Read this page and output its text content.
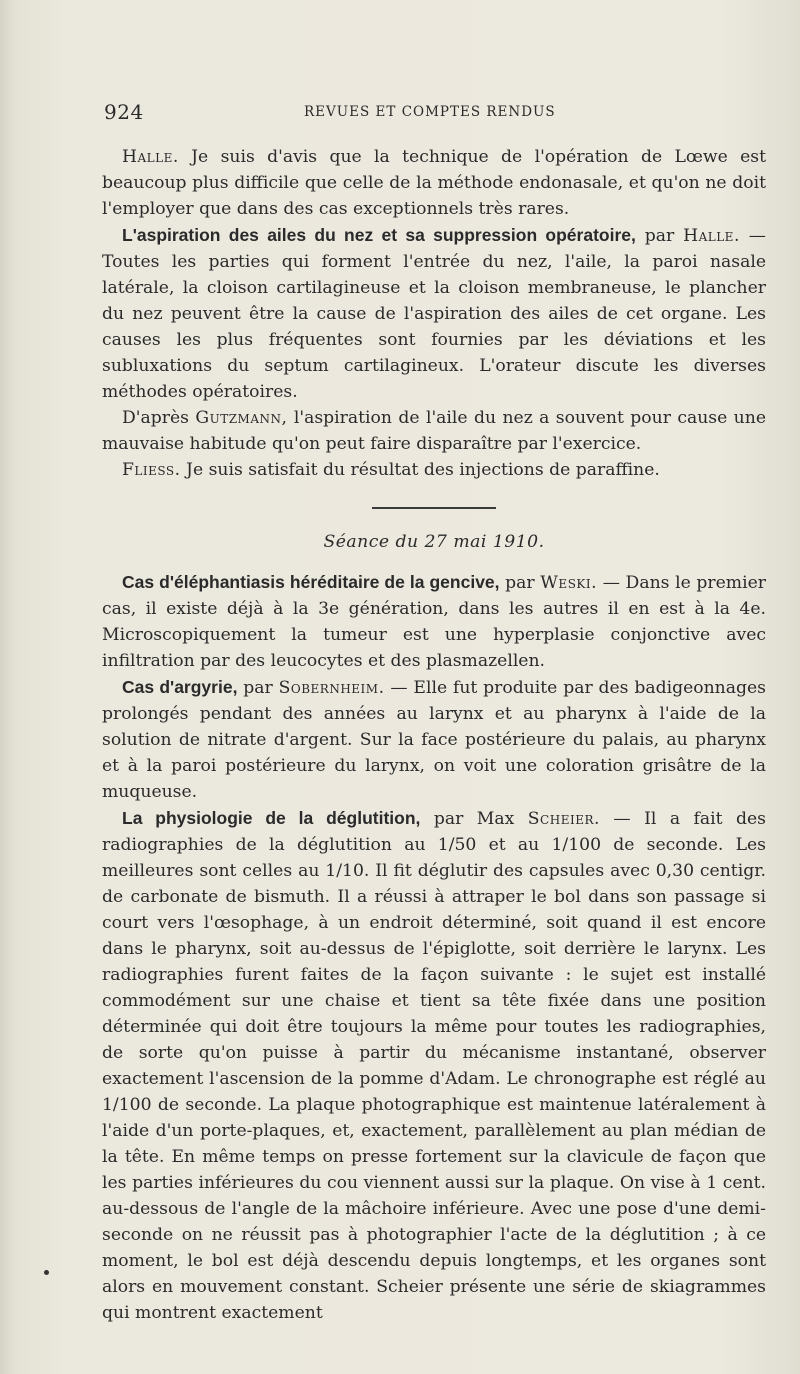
924	REVUES ET COMPTES RENDUS

Halle. Je suis d'avis que la technique de l'opération de Lœwe est beaucoup plus difficile que celle de la méthode endonasale, et qu'on ne doit l'employer que dans des cas exceptionnels très rares.

L'aspiration des ailes du nez et sa suppression opératoire, par Halle. — Toutes les parties qui forment l'entrée du nez, l'aile, la paroi nasale latérale, la cloison cartilagineuse et la cloison membraneuse, le plancher du nez peuvent être la cause de l'aspiration des ailes de cet organe. Les causes les plus fréquentes sont fournies par les déviations et les subluxations du septum cartilagineux. L'orateur discute les diverses méthodes opératoires.

D'après Gutzmann, l'aspiration de l'aile du nez a souvent pour cause une mauvaise habitude qu'on peut faire disparaître par l'exercice.

Fliess. Je suis satisfait du résultat des injections de paraffine.

Séance du 27 mai 1910.

Cas d'éléphantiasis héréditaire de la gencive, par Weski. — Dans le premier cas, il existe déjà à la 3e génération, dans les autres il en est à la 4e. Microscopiquement la tumeur est une hyperplasie conjonctive avec infiltration par des leucocytes et des plasmazellen.

Cas d'argyrie, par Sobernheim. — Elle fut produite par des badigeonnages prolongés pendant des années au larynx et au pharynx à l'aide de la solution de nitrate d'argent. Sur la face postérieure du palais, au pharynx et à la paroi postérieure du larynx, on voit une coloration grisâtre de la muqueuse.

La physiologie de la déglutition, par Max Scheier. — Il a fait des radiographies de la déglutition au 1/50 et au 1/100 de seconde. Les meilleures sont celles au 1/10. Il fit déglutir des capsules avec 0,30 centigr. de carbonate de bismuth. Il a réussi à attraper le bol dans son passage si court vers l'œsophage, à un endroit déterminé, soit quand il est encore dans le pharynx, soit au-dessus de l'épiglotte, soit derrière le larynx. Les radiographies furent faites de la façon suivante : le sujet est installé commodément sur une chaise et tient sa tête fixée dans une position déterminée qui doit être toujours la même pour toutes les radiographies, de sorte qu'on puisse à partir du mécanisme instantané, observer exactement l'ascension de la pomme d'Adam. Le chronographe est réglé au 1/100 de seconde. La plaque photographique est maintenue latéralement à l'aide d'un porte-plaques, et, exactement, parallèlement au plan médian de la tête. En même temps on presse fortement sur la clavicule de façon que les parties inférieures du cou viennent aussi sur la plaque. On vise à 1 cent. au-dessous de l'angle de la mâchoire inférieure. Avec une pose d'une demi-seconde on ne réussit pas à photographier l'acte de la déglutition ; à ce moment, le bol est déjà descendu depuis longtemps, et les organes sont alors en mouvement constant. Scheier présente une série de skiagrammes qui montrent exactement
